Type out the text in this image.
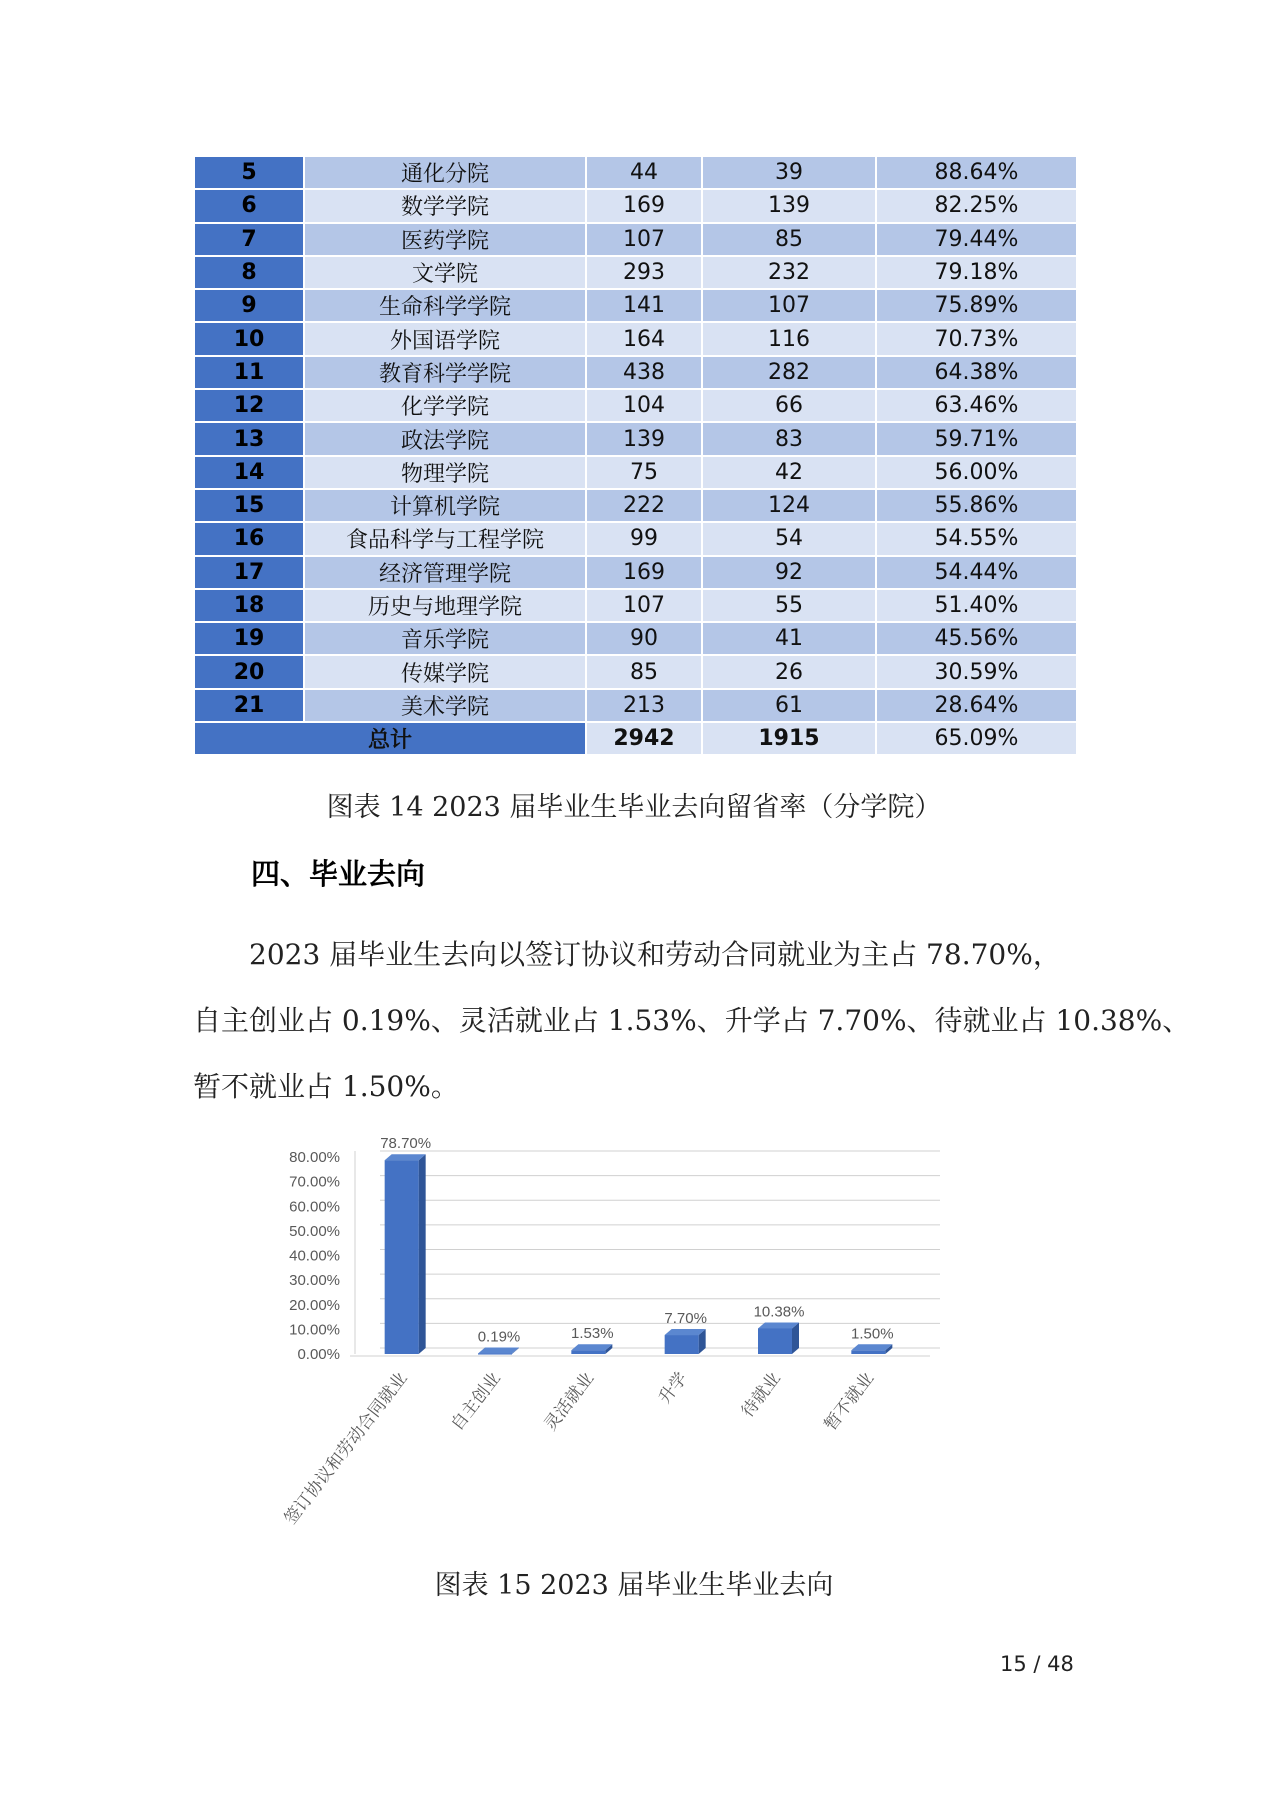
5	通化分院	44	39	88.64%
6	数学学院	169	139	82.25%
7	医药学院	107	85	79.44%
8	文学院	293	232	79.18%
9	生命科学学院	141	107	75.89%
10	外国语学院	164	116	70.73%
11	教育科学学院	438	282	64.38%
12	化学学院	104	66	63.46%
13	政法学院	139	83	59.71%
14	物理学院	75	42	56.00%
15	计算机学院	222	124	55.86%
16	食品科学与工程学院	99	54	54.55%
17	经济管理学院	169	92	54.44%
18	历史与地理学院	107	55	51.40%
19	音乐学院	90	41	45.56%
20	传媒学院	85	26	30.59%
21	美术学院	213	61	28.64%
总计		2942	1915	65.09%
图表 14 2023 届毕业生毕业去向留省率（分学院）
四、毕业去向
2023 届毕业生去向以签订协议和劳动合同就业为主占 78.70%，
自主创业占 0.19%、灵活就业占 1.53%、升学占 7.70%、待就业占 10.38%、
暂不就业占 1.50%。
0.00%
10.00%
20.00%
30.00%
40.00%
50.00%
60.00%
70.00%
80.00%
78.70%
签订协议和劳动合同就业
0.19%
自主创业
1.53%
灵活就业
7.70%
升学
10.38%
待就业
1.50%
暂不就业
图表 15 2023 届毕业生毕业去向
15 / 48
